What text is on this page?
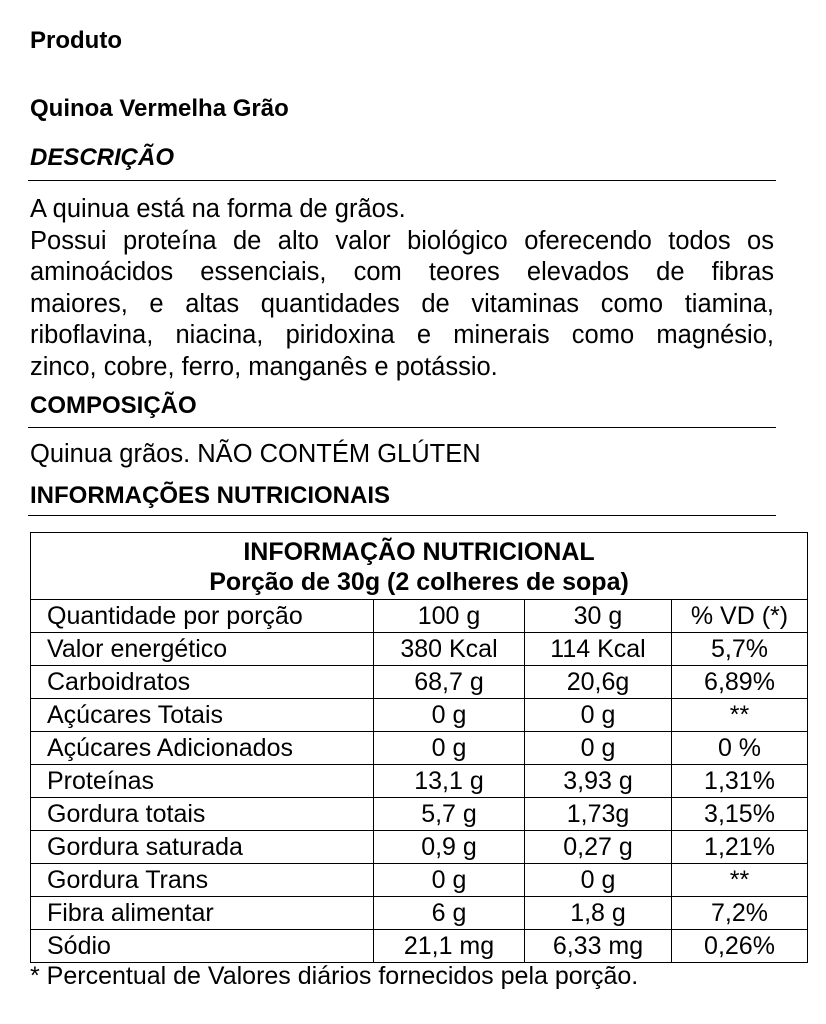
Produto

Quinoa Vermelha Grão

DESCRIÇÃO

A quinua está na forma de grãos.
Possui proteína de alto valor biológico oferecendo todos os
aminoácidos essenciais, com teores elevados de fibras
maiores, e altas quantidades de vitaminas como tiamina,
riboflavina, niacina, piridoxina e minerais como magnésio,
zinco, cobre, ferro, manganês e potássio.

COMPOSIÇÃO

Quinua grãos. NÃO CONTÉM GLÚTEN

INFORMAÇÕES NUTRICIONAIS

INFORMAÇÃO NUTRICIONAL
Porção de 30g (2 colheres de sopa)			

Quantidade por porção	100 g	30 g	% VD (*)
Valor energético	380 Kcal	114 Kcal	5,7%
Carboidratos	68,7 g	20,6g	6,89%
Açúcares Totais	0 g	0 g	**
Açúcares Adicionados	0 g	0 g	0 %
Proteínas	13,1 g	3,93 g	1,31%
Gordura totais	5,7 g	1,73g	3,15%
Gordura saturada	0,9 g	0,27 g	1,21%
Gordura Trans	0 g	0 g	**
Fibra alimentar	6 g	1,8 g	7,2%
Sódio	21,1 mg	6,33 mg	0,26%

* Percentual de Valores diários fornecidos pela porção.
